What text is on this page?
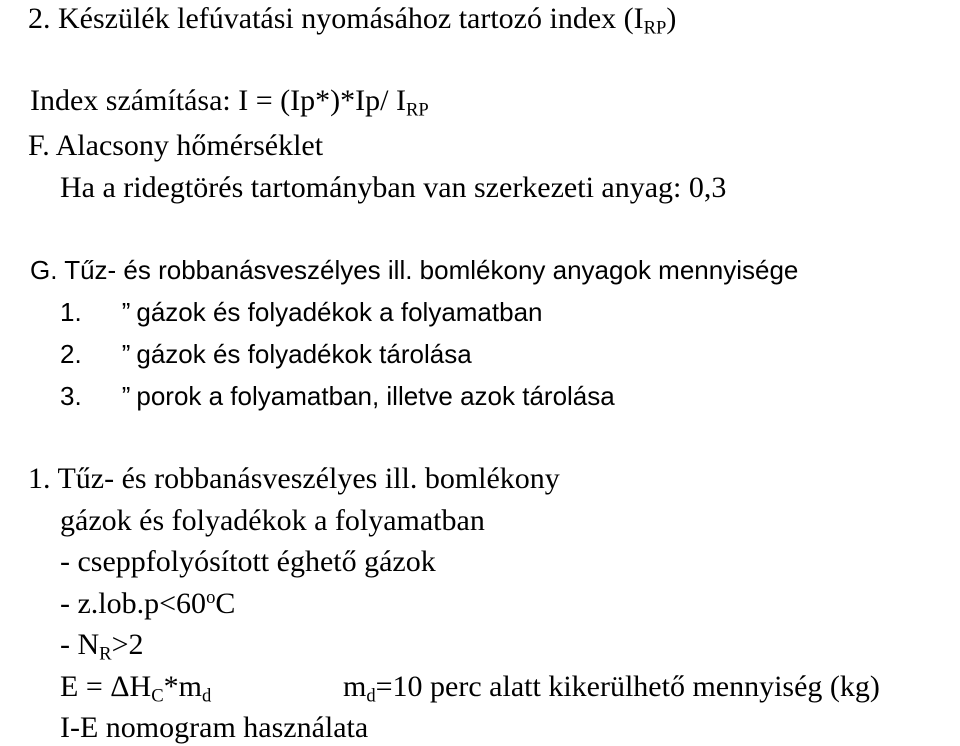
2. Készülék lefúvatási nyomásához tartozó index $(I_{RP})$
Index számítása: I = (Ip*)*Ip/ $I_{RP}$
F. Alacsony hőmérséklet
Ha a ridegtörés tartományban van szerkezeti anyag: 0,3
G. Tűz- és robbanásveszélyes ill. bomlékony anyagok mennyisége
1. ” gázok és folyadékok a folyamatban
2. ” gázok és folyadékok tárolása
3. ” porok a folyamatban, illetve azok tárolása
1. Tűz- és robbanásveszélyes ill. bomlékony
gázok és folyadékok a folyamatban
- cseppfolyósított éghető gázok
- $z.lob.p<60^oC$
- $N_R>2$
$E = \Delta H_C*m_d$	$m_d=10$ perc alatt kikerülhető mennyiség (kg)
I-E nomogram használata
